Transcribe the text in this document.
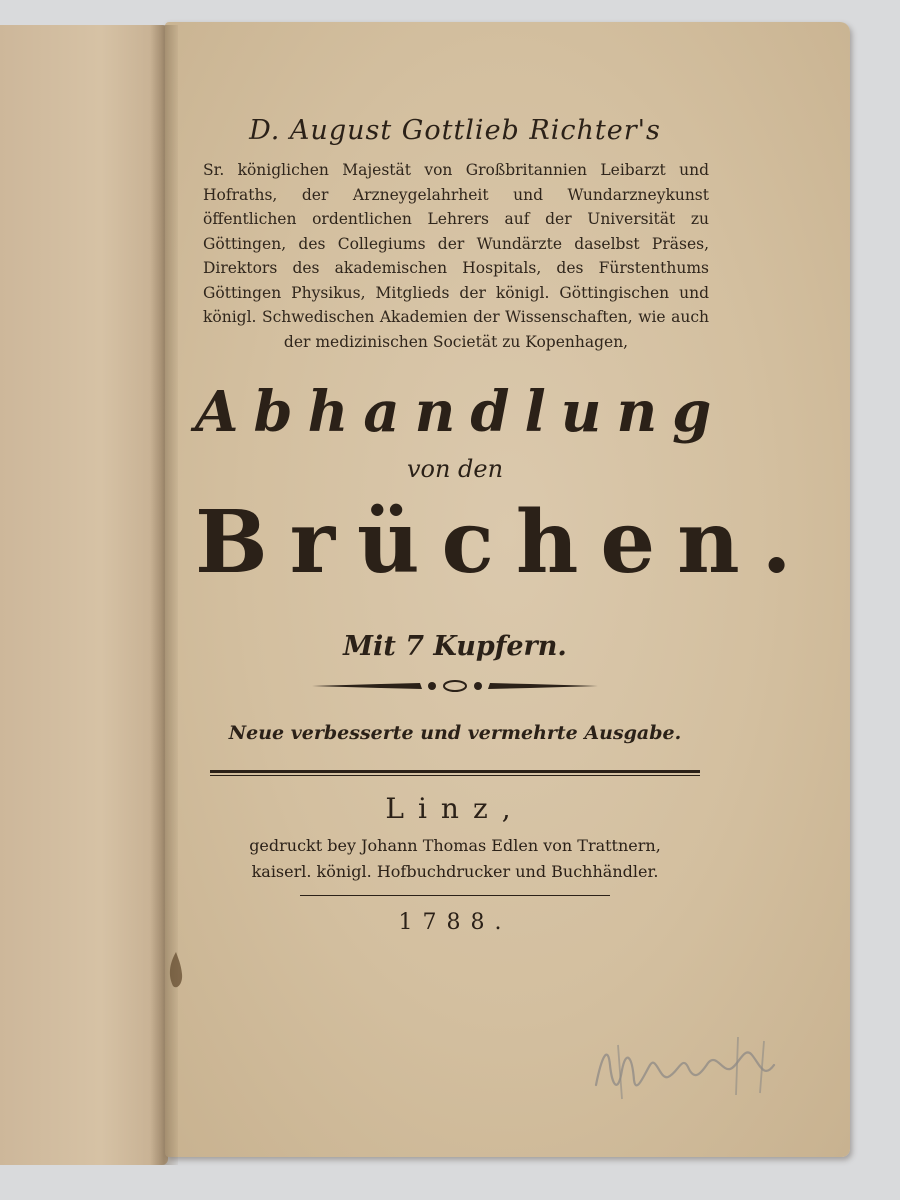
D. August Gottlieb Richter's
Sr. königlichen Majestät von Großbritannien Leibarzt und Hofraths, der Arzneygelahrheit und Wundarzneykunst öffentlichen ordentlichen Lehrers auf der Universität zu Göttingen, des Collegiums der Wundärzte daselbst Präses, Direktors des akademischen Hospitals, des Fürstenthums Göttingen Physikus, Mitglieds der königl. Göttingischen und königl. Schwedischen Akademien der Wissenschaften, wie auch der medizinischen Societät zu Kopenhagen,
Abhandlung
von den
Brüchen.
Mit 7 Kupfern.
Neue verbesserte und vermehrte Ausgabe.
Linz,
gedruckt bey Johann Thomas Edlen von Trattnern,
kaiserl. königl. Hofbuchdrucker und Buchhändler.
1788.
